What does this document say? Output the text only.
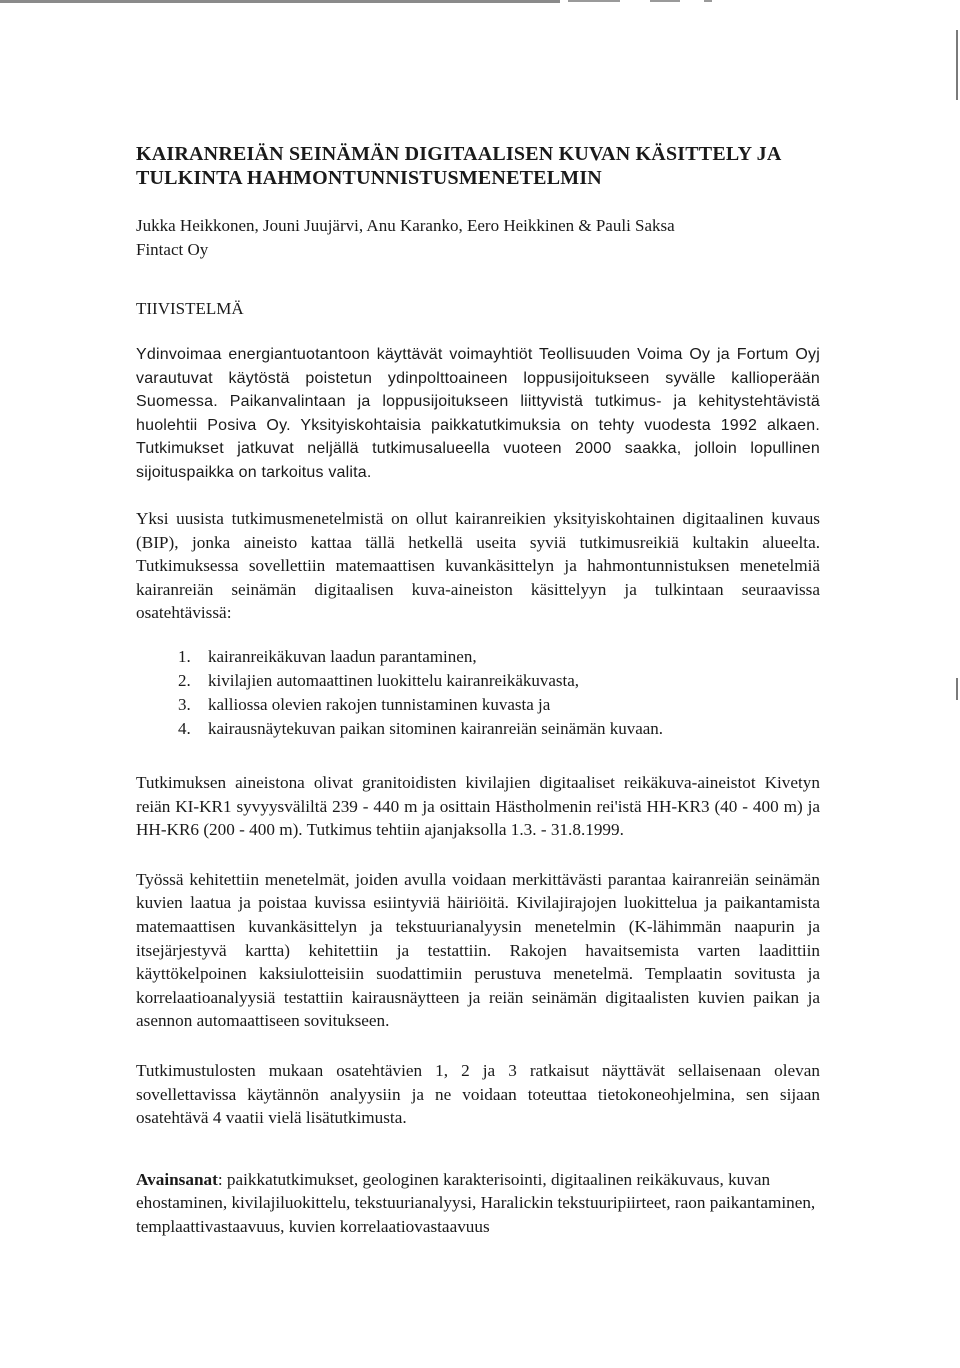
KAIRANREIÄN SEINÄMÄN DIGITAALISEN KUVAN KÄSITTELY JA
TULKINTA HAHMONTUNNISTUSMENETELMIN
Jukka Heikkonen, Jouni Juujärvi, Anu Karanko, Eero Heikkinen & Pauli Saksa
Fintact Oy
TIIVISTELMÄ

Ydinvoimaa energiantuotantoon käyttävät voimayhtiöt Teollisuuden Voima Oy ja Fortum Oyj varautuvat käytöstä poistetun ydinpolttoaineen loppusijoitukseen syvälle kallioperään Suomessa. Paikanvalintaan ja loppusijoitukseen liittyvistä tutkimus- ja kehitystehtävistä huolehtii Posiva Oy. Yksityiskohtaisia paikkatutkimuksia on tehty vuodesta 1992 alkaen. Tutkimukset jatkuvat neljällä tutkimusalueella vuoteen 2000 saakka, jolloin lopullinen sijoituspaikka on tarkoitus valita.

Yksi uusista tutkimusmenetelmistä on ollut kairanreikien yksityiskohtainen digitaalinen kuvaus (BIP), jonka aineisto kattaa tällä hetkellä useita syviä tutkimusreikiä kultakin alueelta. Tutkimuksessa sovellettiin matemaattisen kuvankäsittelyn ja hahmontunnistuksen menetelmiä kairanreiän seinämän digitaalisen kuva-aineiston käsittelyyn ja tulkintaan seuraavissa osatehtävissä:

1.	kairanreikäkuvan laadun parantaminen,
2.	kivilajien automaattinen luokittelu kairanreikäkuvasta,
3.	kalliossa olevien rakojen tunnistaminen kuvasta ja
4.	kairausnäytekuvan paikan sitominen kairanreiän seinämän kuvaan.

Tutkimuksen aineistona olivat granitoidisten kivilajien digitaaliset reikäkuva-aineistot Kivetyn reiän KI-KR1 syvyysväliltä 239 - 440 m ja osittain Hästholmenin rei'istä HH-KR3 (40 - 400 m) ja HH-KR6 (200 - 400 m). Tutkimus tehtiin ajanjaksolla 1.3. - 31.8.1999.

Työssä kehitettiin menetelmät, joiden avulla voidaan merkittävästi parantaa kairanreiän seinämän kuvien laatua ja poistaa kuvissa esiintyviä häiriöitä. Kivilajirajojen luokittelua ja paikantamista matemaattisen kuvankäsittelyn ja tekstuurianalyysin menetelmin (K-lähimmän naapurin ja itsejärjestyvä kartta) kehitettiin ja testattiin. Rakojen havaitsemista varten laadittiin käyttökelpoinen kaksiulotteisiin suodattimiin perustuva menetelmä. Templaatin sovitusta ja korrelaatioanalyysiä testattiin kairausnäytteen ja reiän seinämän digitaalisten kuvien paikan ja asennon automaattiseen sovitukseen.

Tutkimustulosten mukaan osatehtävien 1, 2 ja 3 ratkaisut näyttävät sellaisenaan olevan sovellettavissa käytännön analyysiin ja ne voidaan toteuttaa tietokoneohjelmina, sen sijaan osatehtävä 4 vaatii vielä lisätutkimusta.

Avainsanat: paikkatutkimukset, geologinen karakterisointi, digitaalinen reikäkuvaus, kuvan ehostaminen, kivilajiluokittelu, tekstuurianalyysi, Haralickin tekstuuripiirteet, raon paikantaminen, templaattivastaavuus, kuvien korrelaatiovastaavuus
